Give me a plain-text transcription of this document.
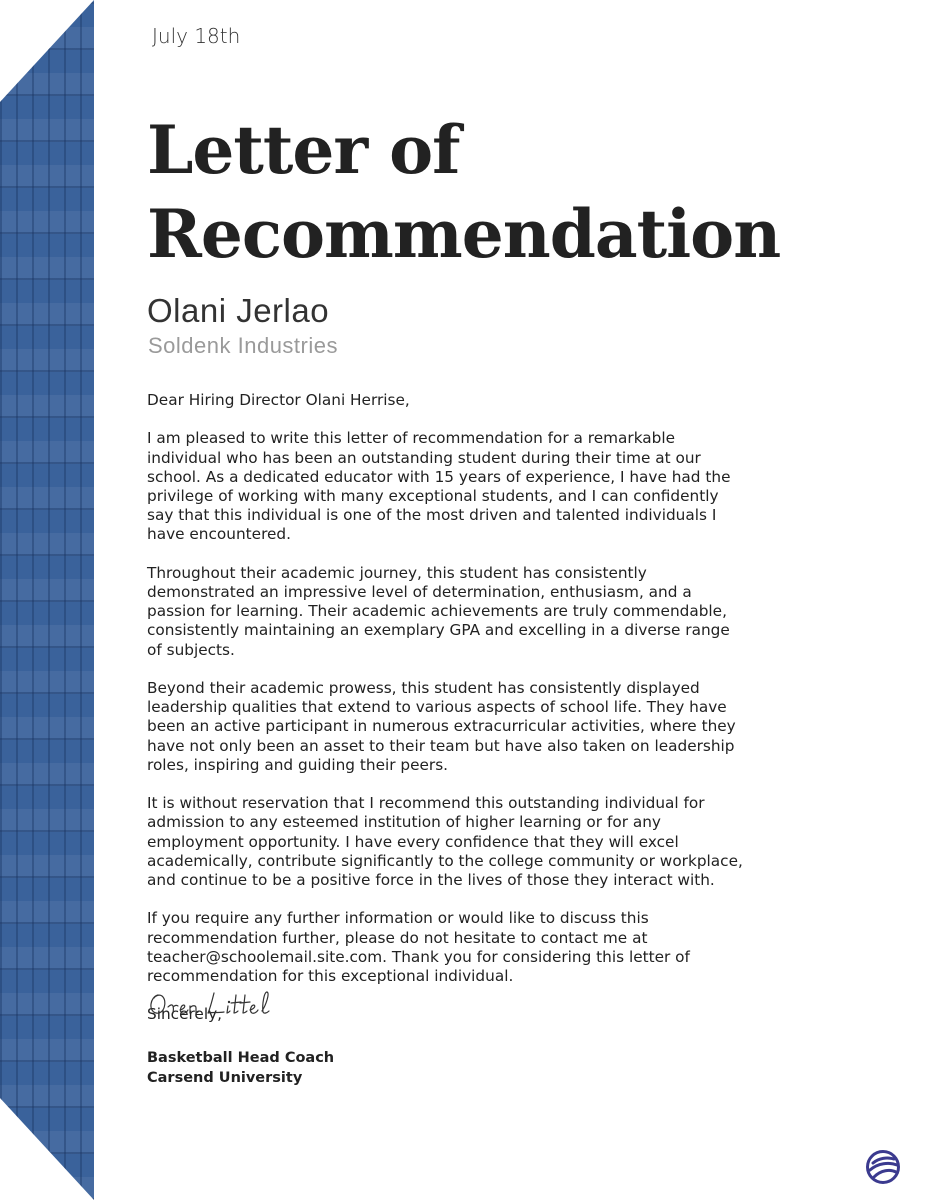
July 18th
Letter of
Recommendation
Olani Jerlao
Soldenk Industries

Dear Hiring Director Olani Herrise,

I am pleased to write this letter of recommendation for a remarkable individual who has been an outstanding student during their time at our school. As a dedicated educator with 15 years of experience, I have had the privilege of working with many exceptional students, and I can confidently say that this individual is one of the most driven and talented individuals I have encountered.

Throughout their academic journey, this student has consistently demonstrated an impressive level of determination, enthusiasm, and a passion for learning. Their academic achievements are truly commendable, consistently maintaining an exemplary GPA and excelling in a diverse range of subjects.

Beyond their academic prowess, this student has consistently displayed leadership qualities that extend to various aspects of school life. They have been an active participant in numerous extracurricular activities, where they have not only been an asset to their team but have also taken on leadership roles, inspiring and guiding their peers.

It is without reservation that I recommend this outstanding individual for admission to any esteemed institution of higher learning or for any employment opportunity. I have every confidence that they will excel academically, contribute significantly to the college community or workplace, and continue to be a positive force in the lives of those they interact with.

If you require any further information or would like to discuss this recommendation further, please do not hesitate to contact me at teacher@schoolemail.site.com. Thank you for considering this letter of recommendation for this exceptional individual.

Sincerely,

Basketball Head Coach
Carsend University
